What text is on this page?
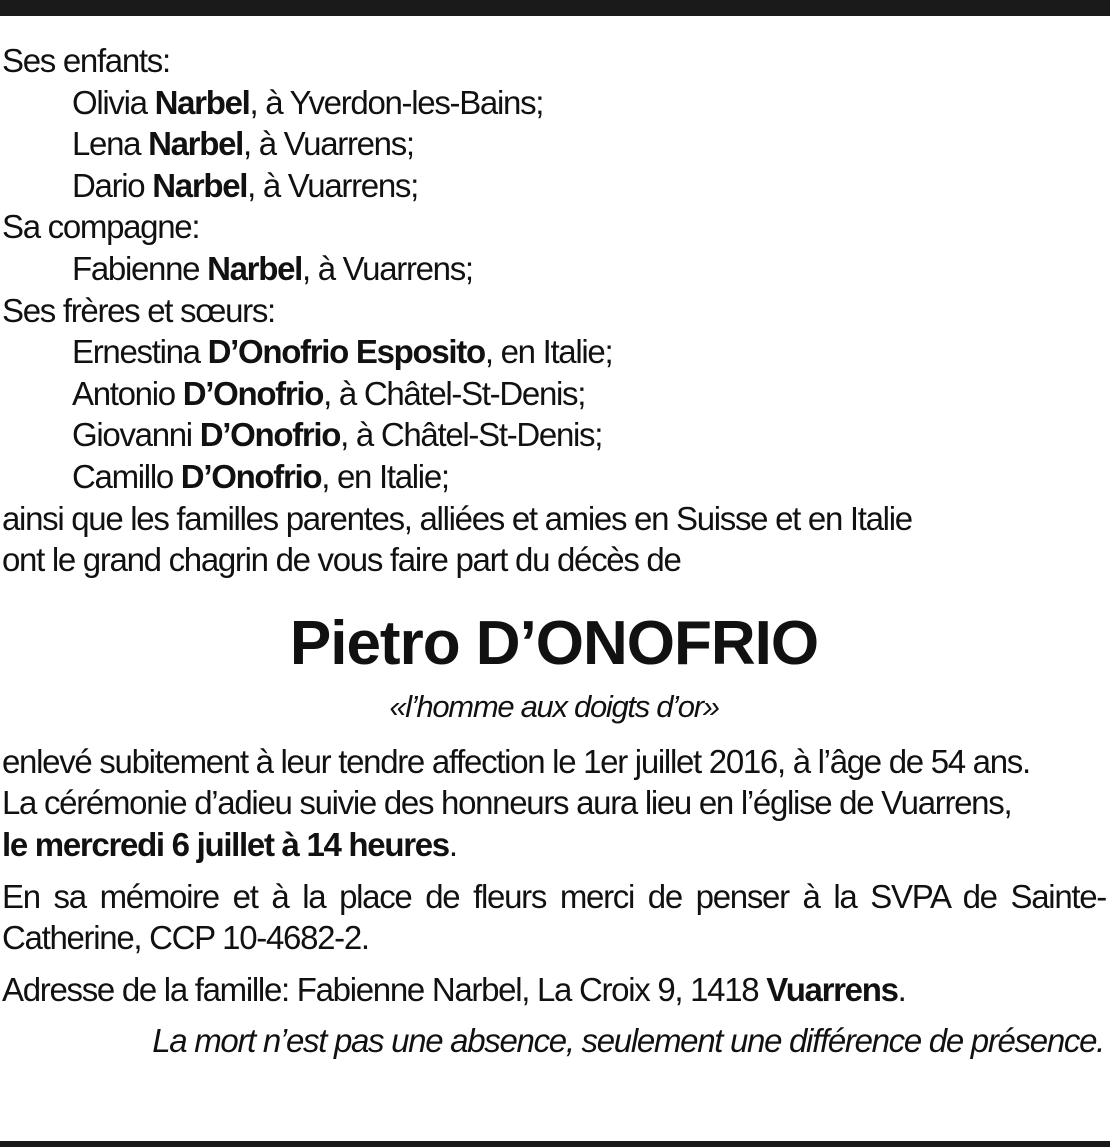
Ses enfants:
Olivia Narbel, à Yverdon-les-Bains;
Lena Narbel, à Vuarrens;
Dario Narbel, à Vuarrens;
Sa compagne:
Fabienne Narbel, à Vuarrens;
Ses frères et sœurs:
Ernestina D’Onofrio Esposito, en Italie;
Antonio D’Onofrio, à Châtel-St-Denis;
Giovanni D’Onofrio, à Châtel-St-Denis;
Camillo D’Onofrio, en Italie;
ainsi que les familles parentes, alliées et amies en Suisse et en Italie
ont le grand chagrin de vous faire part du décès de
Pietro D’ONOFRIO
«l’homme aux doigts d’or»
enlevé subitement à leur tendre affection le 1er juillet 2016, à l’âge de 54 ans.
La cérémonie d’adieu suivie des honneurs aura lieu en l’église de Vuarrens,
le mercredi 6 juillet à 14 heures.
En sa mémoire et à la place de fleurs merci de penser à la SVPA de Sainte-Catherine, CCP 10-4682-2.
Adresse de la famille: Fabienne Narbel, La Croix 9, 1418 Vuarrens.
La mort n’est pas une absence, seulement une différence de présence.
